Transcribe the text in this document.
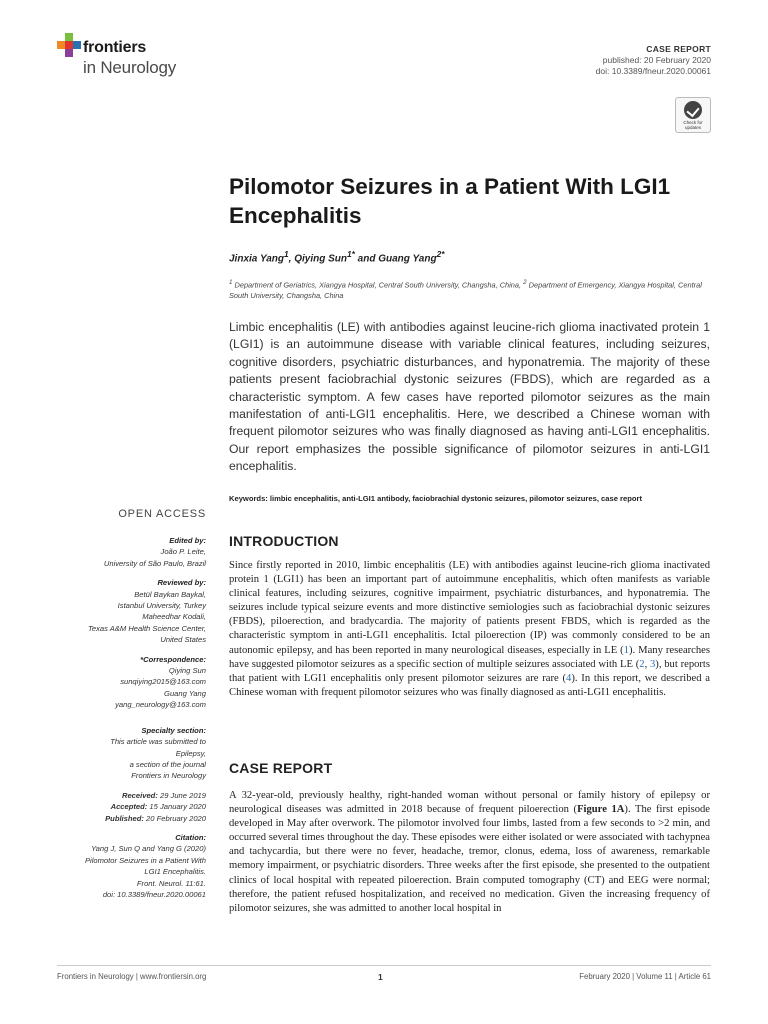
frontiers
in Neurology
CASE REPORT
published: 20 February 2020
doi: 10.3389/fneur.2020.00061
Check for
updates
Pilomotor Seizures in a Patient With LGI1 Encephalitis
Jinxia Yang$^1$, Qiying Sun$^{1*}$ and Guang Yang$^{2*}$
$^1$ Department of Geriatrics, Xiangya Hospital, Central South University, Changsha, China, $^2$ Department of Emergency, Xiangya Hospital, Central South University, Changsha, China
Limbic encephalitis (LE) with antibodies against leucine-rich glioma inactivated protein 1 (LGI1) is an autoimmune disease with variable clinical features, including seizures, cognitive disorders, psychiatric disturbances, and hyponatremia. The majority of these patients present faciobrachial dystonic seizures (FBDS), which are regarded as a characteristic symptom. A few cases have reported pilomotor seizures as the main manifestation of anti-LGI1 encephalitis. Here, we described a Chinese woman with frequent pilomotor seizures who was finally diagnosed as having anti-LGI1 encephalitis. Our report emphasizes the possible significance of pilomotor seizures in anti-LGI1 encephalitis.
Keywords: limbic encephalitis, anti-LGI1 antibody, faciobrachial dystonic seizures, pilomotor seizures, case report
OPEN ACCESS
Edited by:
João P. Leite,
University of São Paulo, Brazil
Reviewed by:
Betül Baykan Baykal,
Istanbul University, Turkey
Maheedhar Kodali,
Texas A&M Health Science Center,
United States
*Correspondence:
Qiying Sun
sunqiying2015@163.com
Guang Yang
yang_neurology@163.com
Specialty section:
This article was submitted to
Epilepsy,
a section of the journal
Frontiers in Neurology
Received: 29 June 2019
Accepted: 15 January 2020
Published: 20 February 2020
Citation:
Yang J, Sun Q and Yang G (2020)
Pilomotor Seizures in a Patient With
LGI1 Encephalitis.
Front. Neurol. 11:61.
doi: 10.3389/fneur.2020.00061
INTRODUCTION
Since firstly reported in 2010, limbic encephalitis (LE) with antibodies against leucine-rich glioma inactivated protein 1 (LGI1) has been an important part of autoimmune encephalitis, which often manifests as variable clinical features, including seizures, cognitive impairment, psychiatric disturbances, and hyponatremia. The seizures include typical seizure events and more distinctive semiologies such as faciobrachial dystonic seizures (FBDS), piloerection, and bradycardia. The majority of patients present FBDS, which is regarded as the characteristic symptom in anti-LGI1 encephalitis. Ictal piloerection (IP) was commonly considered to be an autonomic epilepsy, and has been reported in many neurological diseases, especially in LE (1). Many researches have suggested pilomotor seizures as a specific section of multiple seizures associated with LE (2, 3), but reports that patient with LGI1 encephalitis only present pilomotor seizures are rare (4). In this report, we described a Chinese woman with frequent pilomotor seizures who was finally diagnosed as anti-LGI1 encephalitis.
CASE REPORT
A 32-year-old, previously healthy, right-handed woman without personal or family history of epilepsy or neurological diseases was admitted in 2018 because of frequent piloerection (Figure 1A). The first episode developed in May after overwork. The pilomotor involved four limbs, lasted from a few seconds to >2 min, and occurred several times throughout the day. These episodes were either isolated or were associated with tachypnea and tachycardia, but there were no fever, headache, tremor, clonus, edema, loss of awareness, remarkable memory impairment, or psychiatric disorders. Three weeks after the first episode, she presented to the outpatient clinics of local hospital with repeated piloerection. Brain computed tomography (CT) and EEG were normal; therefore, the patient refused hospitalization, and received no medication. Given the increasing frequency of pilomotor seizures, she was admitted to another local hospital in
Frontiers in Neurology | www.frontiersin.org	1	February 2020 | Volume 11 | Article 61
